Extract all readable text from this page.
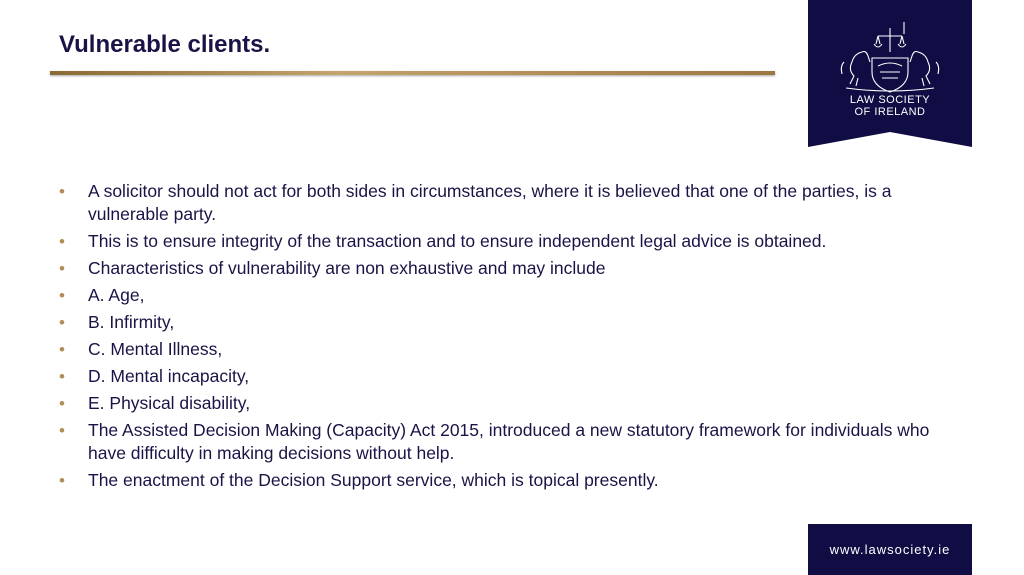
Vulnerable clients.
LAW SOCIETY
OF IRELAND
• A solicitor should not act for both sides in circumstances, where it is believed that one of the parties, is a vulnerable party.
• This is to ensure integrity of the transaction and to ensure independent legal advice is obtained.
• Characteristics of vulnerability are non exhaustive and may include
• A. Age,
• B. Infirmity,
• C. Mental Illness,
• D. Mental incapacity,
• E. Physical disability,
• The Assisted Decision Making (Capacity) Act 2015, introduced a new statutory framework for individuals who have difficulty in making decisions without help.
• The enactment of the Decision Support service, which is topical presently.
www.lawsociety.ie
